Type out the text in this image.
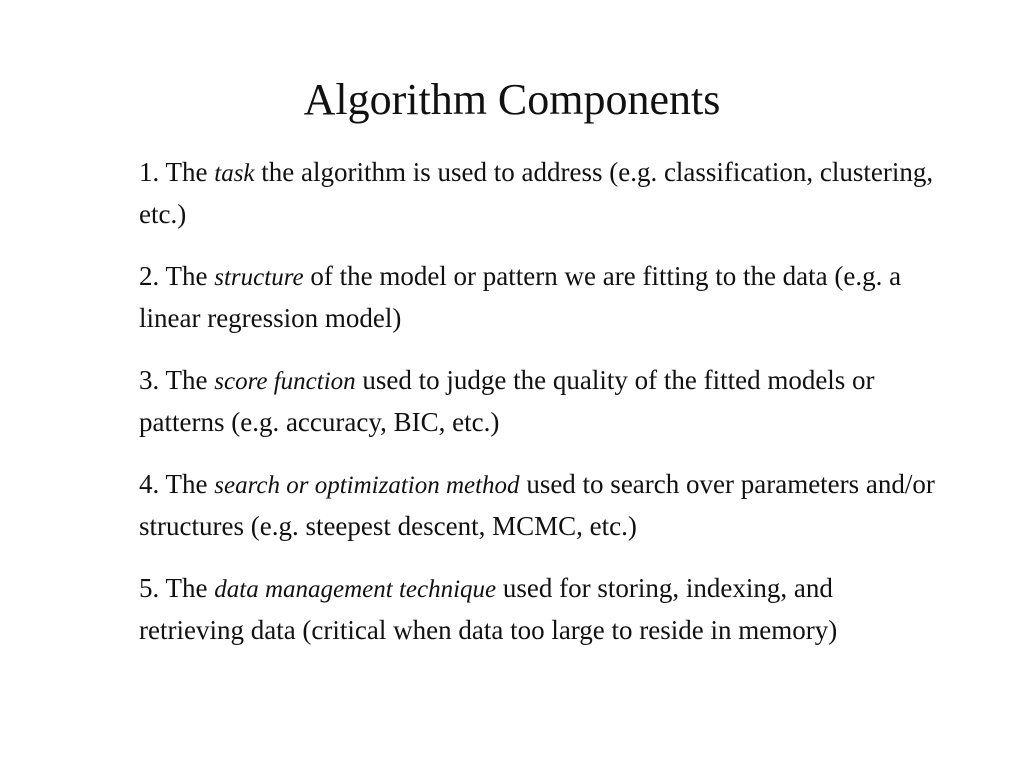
Algorithm Components
1. The task the algorithm is used to address (e.g. classification, clustering, etc.)
2. The structure of the model or pattern we are fitting to the data (e.g. a linear regression model)
3. The score function used to judge the quality of the fitted models or patterns (e.g. accuracy, BIC, etc.)
4. The search or optimization method used to search over parameters and/or structures (e.g. steepest descent, MCMC, etc.)
5. The data management technique used for storing, indexing, and retrieving data (critical when data too large to reside in memory)
